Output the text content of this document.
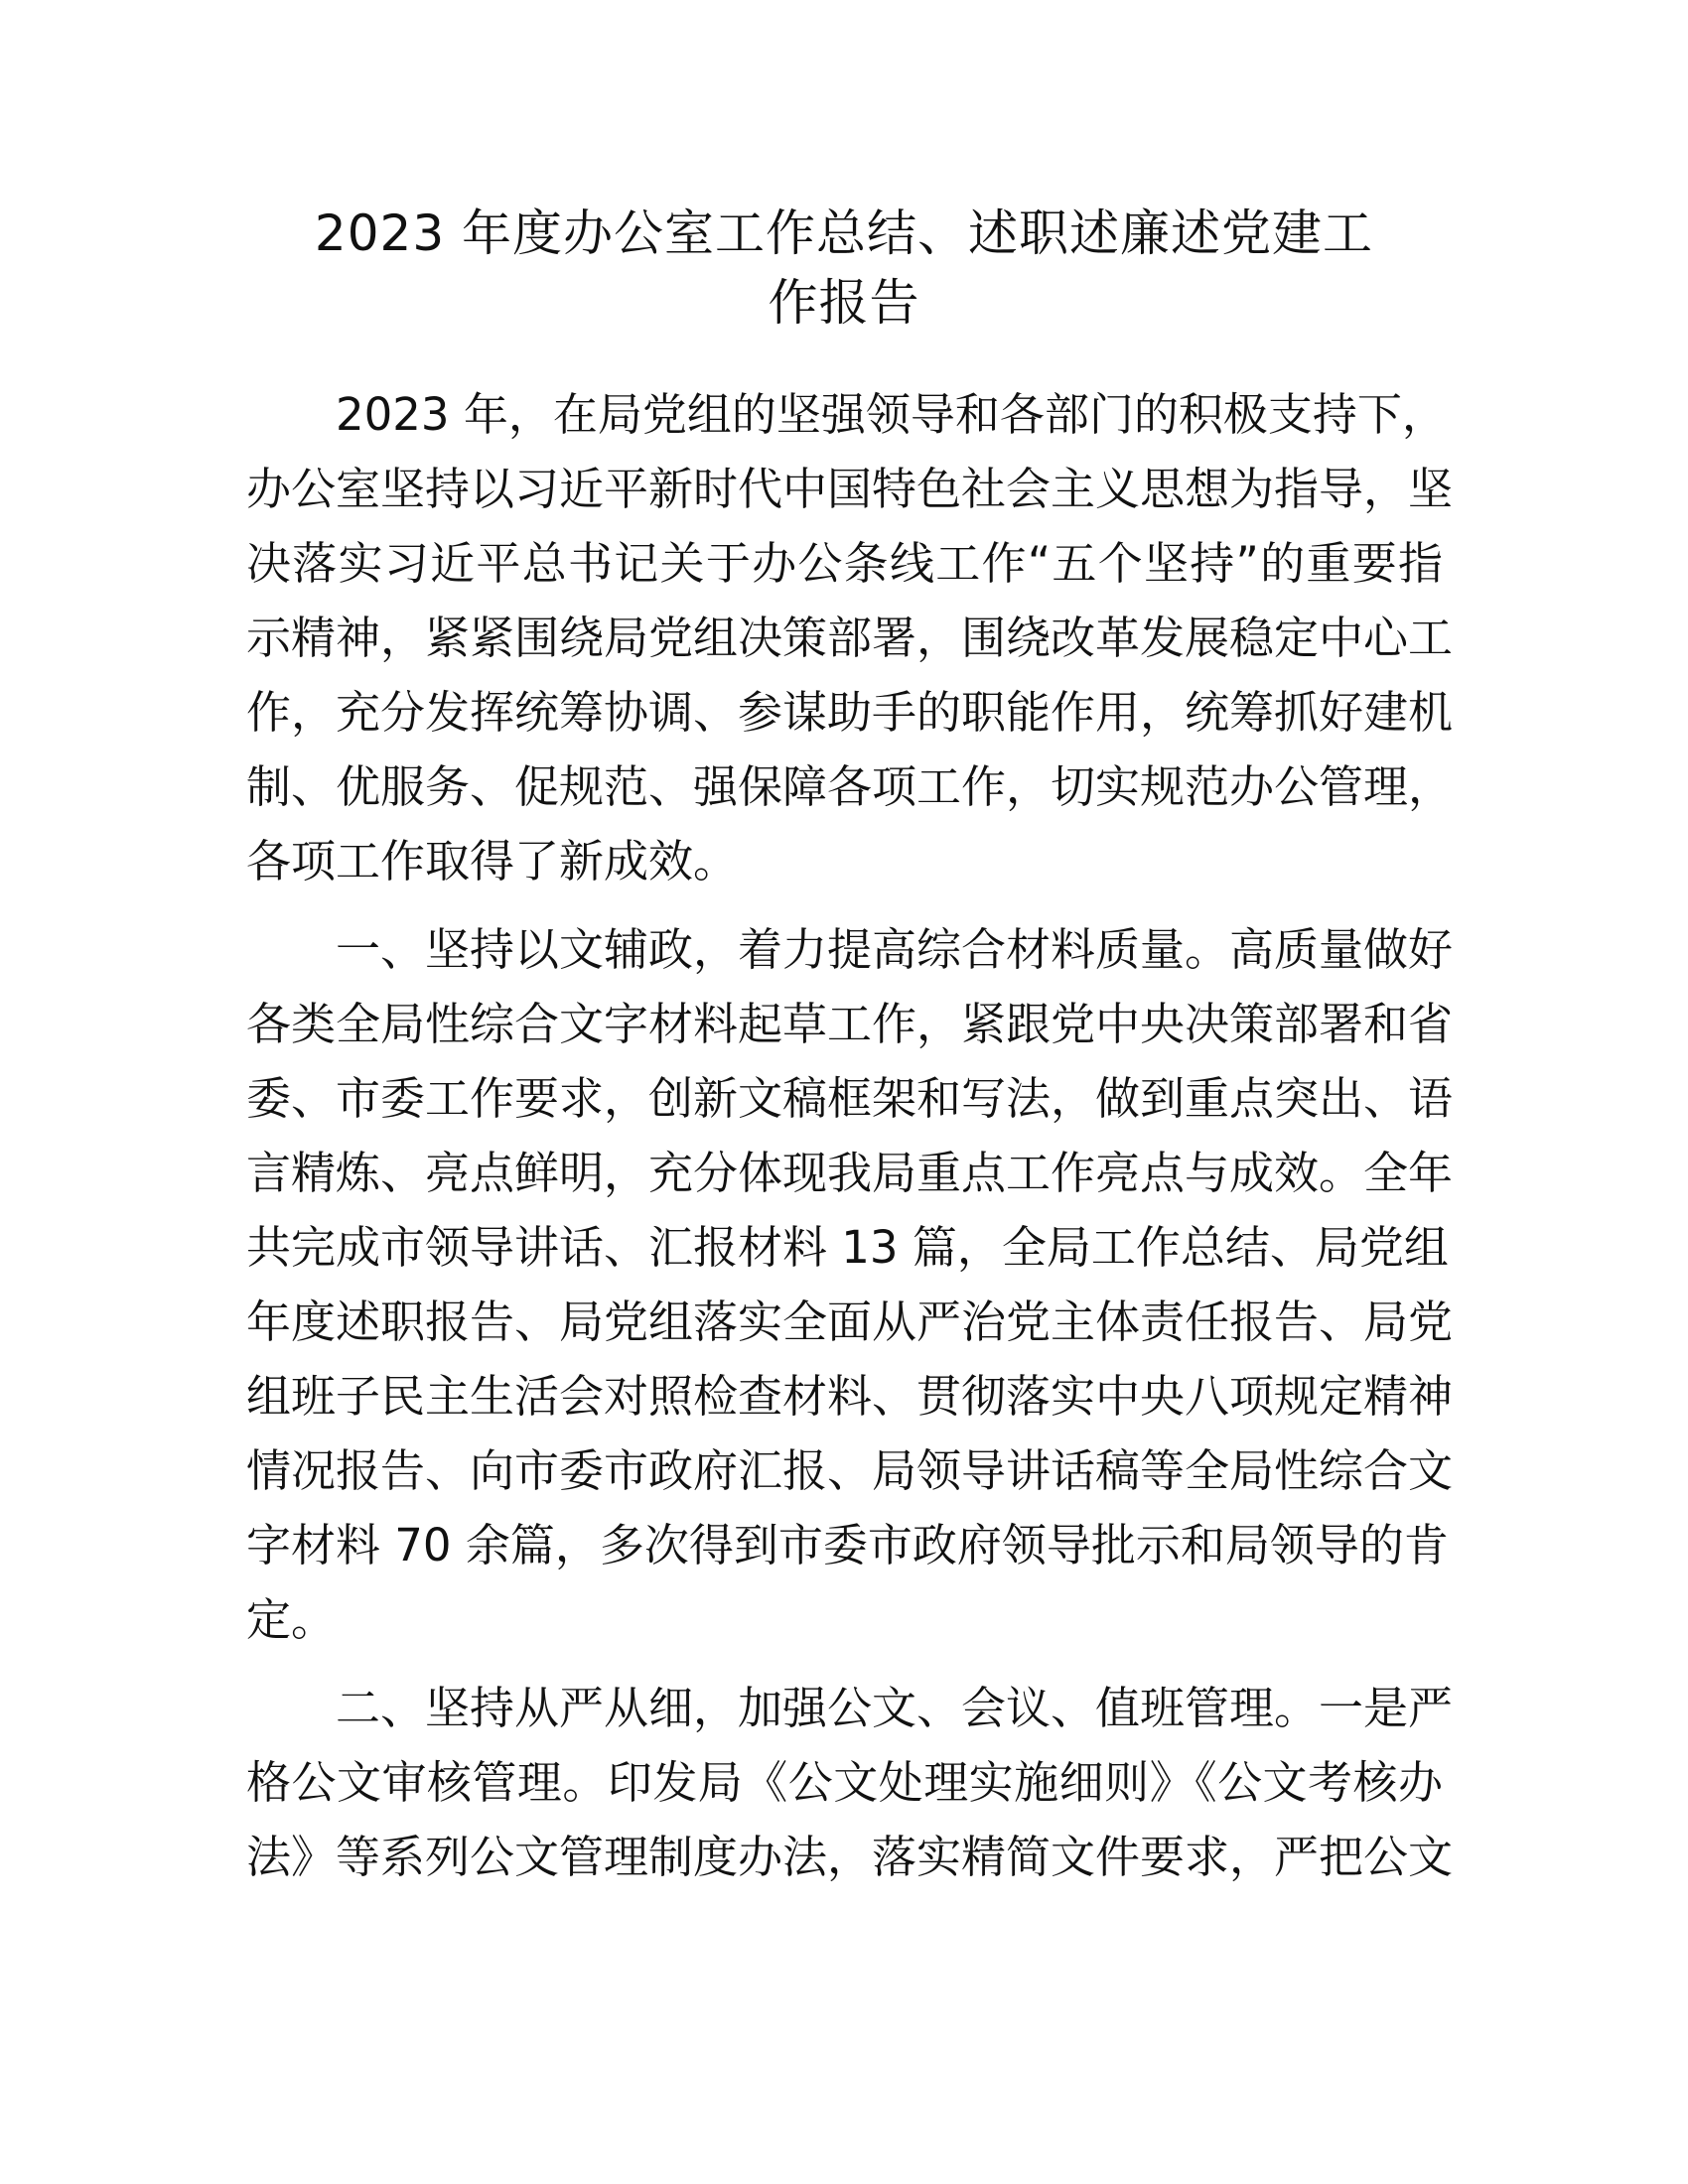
2023 年度办公室工作总结、述职述廉述党建工
作报告

2023 年，在局党组的坚强领导和各部门的积极支持下，
办公室坚持以习近平新时代中国特色社会主义思想为指导，坚
决落实习近平总书记关于办公条线工作“五个坚持”的重要指
示精神，紧紧围绕局党组决策部署，围绕改革发展稳定中心工
作，充分发挥统筹协调、参谋助手的职能作用，统筹抓好建机
制、优服务、促规范、强保障各项工作，切实规范办公管理，
各项工作取得了新成效。

一、坚持以文辅政，着力提高综合材料质量。高质量做好
各类全局性综合文字材料起草工作，紧跟党中央决策部署和省
委、市委工作要求，创新文稿框架和写法，做到重点突出、语
言精炼、亮点鲜明，充分体现我局重点工作亮点与成效。全年
共完成市领导讲话、汇报材料 13 篇，全局工作总结、局党组
年度述职报告、局党组落实全面从严治党主体责任报告、局党
组班子民主生活会对照检查材料、贯彻落实中央八项规定精神
情况报告、向市委市政府汇报、局领导讲话稿等全局性综合文
字材料 70 余篇，多次得到市委市政府领导批示和局领导的肯
定。

二、坚持从严从细，加强公文、会议、值班管理。一是严
格公文审核管理。印发局《公文处理实施细则》《公文考核办
法》等系列公文管理制度办法，落实精简文件要求，严把公文
